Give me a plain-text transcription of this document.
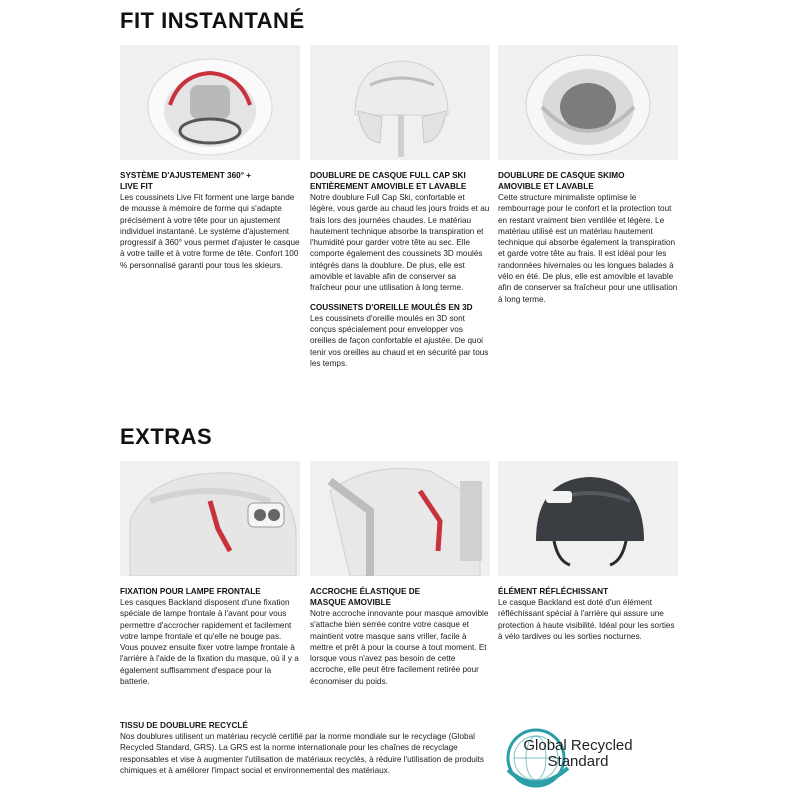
FIT INSTANTANÉ
SYSTÈME D'AJUSTEMENT 360° +
LIVE FIT

Les coussinets Live Fit forment une large bande de mousse à mémoire de forme qui s'adapte précisément à votre tête pour un ajustement individuel instantané. Le système d'ajustement progressif à 360° vous permet d'ajuster le casque à votre taille et à votre forme de tête. Confort 100 % personnalisé garanti pour tous les skieurs.

DOUBLURE DE CASQUE FULL CAP SKI
ENTIÈREMENT AMOVIBLE ET LAVABLE

Notre doublure Full Cap Ski, confortable et légère, vous garde au chaud les jours froids et au frais lors des journées chaudes. Le matériau hautement technique absorbe la transpiration et l'humidité pour garder votre tête au sec. Elle comporte également des coussinets 3D moulés intégrés dans la doublure. De plus, elle est amovible et lavable afin de conserver sa fraîcheur pour une utilisation à long terme.

COUSSINETS D'OREILLE MOULÉS EN 3D

Les coussinets d'oreille moulés en 3D sont conçus spécialement pour envelopper vos oreilles de façon confortable et ajustée. De quoi tenir vos oreilles au chaud et en sécurité par tous les temps.

DOUBLURE DE CASQUE SKIMO
AMOVIBLE ET LAVABLE

Cette structure minimaliste optimise le rembourrage pour le confort et la protection tout en restant vraiment bien ventilée et légère. Le matériau utilisé est un matériau hautement technique qui absorbe également la transpiration et garde votre tête au frais. Il est idéal pour les randonnées hivernales ou les longues balades à vélo en été. De plus, elle est amovible et lavable afin de conserver sa fraîcheur pour une utilisation à long terme.

EXTRAS
FIXATION POUR LAMPE FRONTALE

Les casques Backland disposent d'une fixation spéciale de lampe frontale à l'avant pour vous permettre d'accrocher rapidement et facilement votre lampe frontale et qu'elle ne bouge pas. Vous pouvez ensuite fixer votre lampe frontale à l'arrière à l'aide de la fixation du masque, où il y a également suffisamment d'espace pour la batterie.

ACCROCHE ÉLASTIQUE DE
MASQUE AMOVIBLE

Notre accroche innovante pour masque amovible s'attache bien serrée contre votre casque et maintient votre masque sans vriller, facile à mettre et prêt à pour la course à tout moment. Et lorsque vous n'avez pas besoin de cette accroche, elle peut être facilement retirée pour économiser du poids.

ÉLÉMENT RÉFLÉCHISSANT

Le casque Backland est doté d'un élément réfléchissant spécial à l'arrière qui assure une protection à haute visibilité. Idéal pour les sorties à vélo tardives ou les sorties nocturnes.

TISSU DE DOUBLURE RECYCLÉ

Nos doublures utilisent un matériau recyclé certifié par la norme mondiale sur le recyclage (Global Recycled Standard, GRS). La GRS est la norme internationale pour les chaînes de recyclage responsables et vise à augmenter l'utilisation de matériaux recyclés, à réduire l'utilisation de produits chimiques et à améliorer l'impact social et environnemental des matériaux.

Global Recycled
Standard
